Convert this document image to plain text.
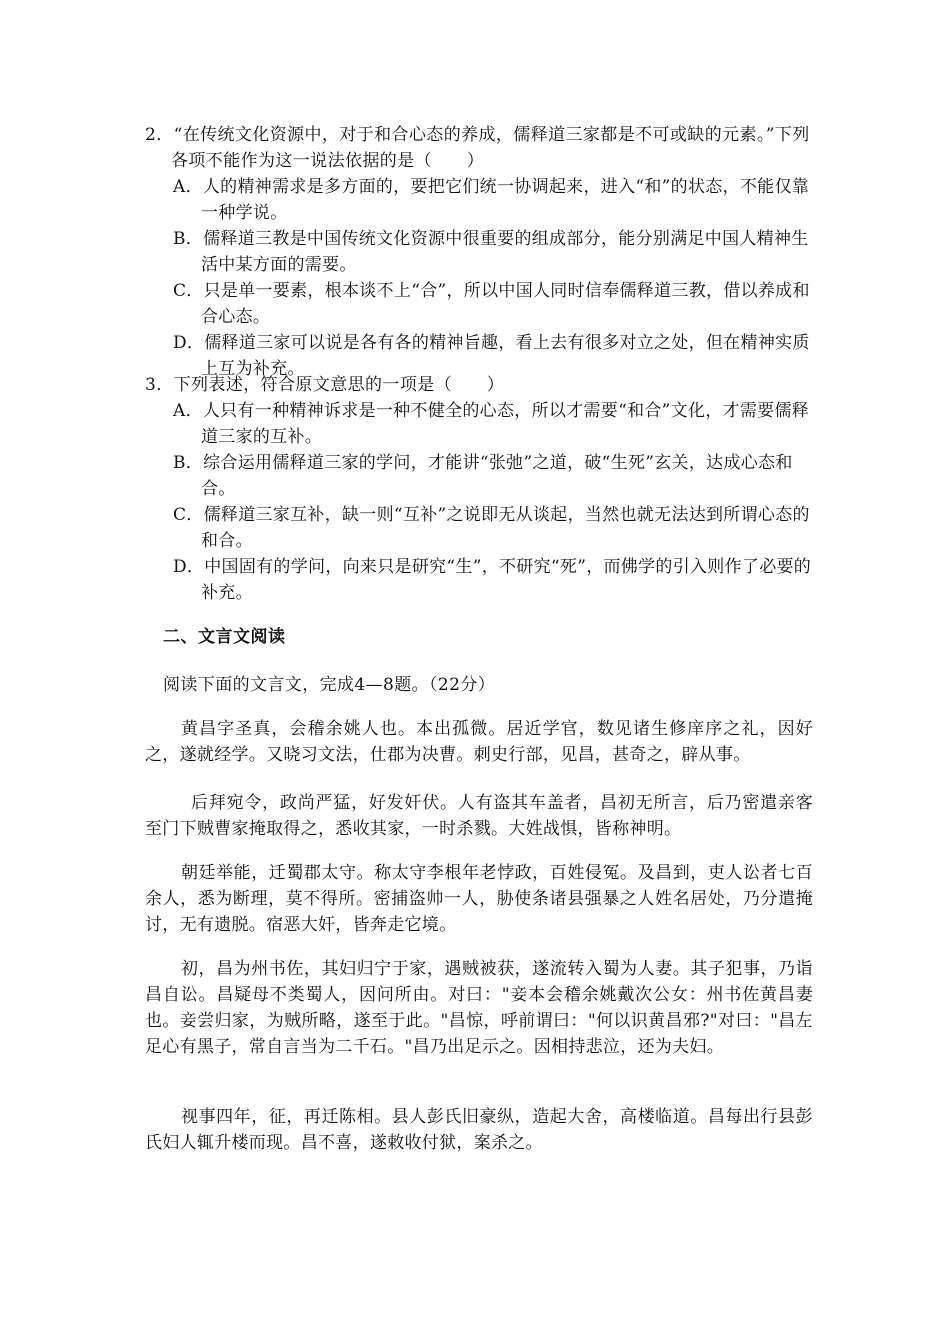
2．“在传统文化资源中，对于和合心态的养成，儒释道三家都是不可或缺的元素。”下列各项不能作为这一说法依据的是（　　）

A．人的精神需求是多方面的，要把它们统一协调起来，进入“和”的状态，不能仅靠一种学说。

B．儒释道三教是中国传统文化资源中很重要的组成部分，能分别满足中国人精神生活中某方面的需要。

C．只是单一要素，根本谈不上“合”，所以中国人同时信奉儒释道三教，借以养成和合心态。

D．儒释道三家可以说是各有各的精神旨趣，看上去有很多对立之处，但在精神实质上互为补充。

3．下列表述，符合原文意思的一项是（　　）

A．人只有一种精神诉求是一种不健全的心态，所以才需要“和合”文化，才需要儒释道三家的互补。

B．综合运用儒释道三家的学问，才能讲“张弛”之道，破“生死”玄关，达成心态和合。

C．儒释道三家互补，缺一则“互补”之说即无从谈起，当然也就无法达到所谓心态的和合。

D．中国固有的学问，向来只是研究“生”，不研究“死”，而佛学的引入则作了必要的补充。

二、文言文阅读

阅读下面的文言文，完成4—8题。（22分）

黄昌字圣真，会稽余姚人也。本出孤微。居近学官，数见诸生修庠序之礼，因好之，遂就经学。又晓习文法，仕郡为决曹。刺史行部，见昌，甚奇之，辟从事。

后拜宛令，政尚严猛，好发奸伏。人有盗其车盖者，昌初无所言，后乃密遣亲客至门下贼曹家掩取得之，悉收其家，一时杀戮。大姓战惧，皆称神明。

朝廷举能，迁蜀郡太守。称太守李根年老悖政，百姓侵冤。及昌到，吏人讼者七百余人，悉为断理，莫不得所。密捕盗帅一人，胁使条诸县强暴之人姓名居处，乃分遣掩讨，无有遗脱。宿恶大奸，皆奔走它境。

初，昌为州书佐，其妇归宁于家，遇贼被获，遂流转入蜀为人妻。其子犯事，乃诣昌自讼。昌疑母不类蜀人，因问所由。对曰："妾本会稽余姚戴次公女：州书佐黄昌妻也。妾尝归家，为贼所略，遂至于此。"昌惊，呼前谓曰："何以识黄昌邪?"对曰："昌左足心有黑子，常自言当为二千石。"昌乃出足示之。因相持悲泣，还为夫妇。

视事四年，征，再迁陈相。县人彭氏旧豪纵，造起大舍，高楼临道。昌每出行县彭氏妇人辄升楼而现。昌不喜，遂敕收付狱，案杀之。
